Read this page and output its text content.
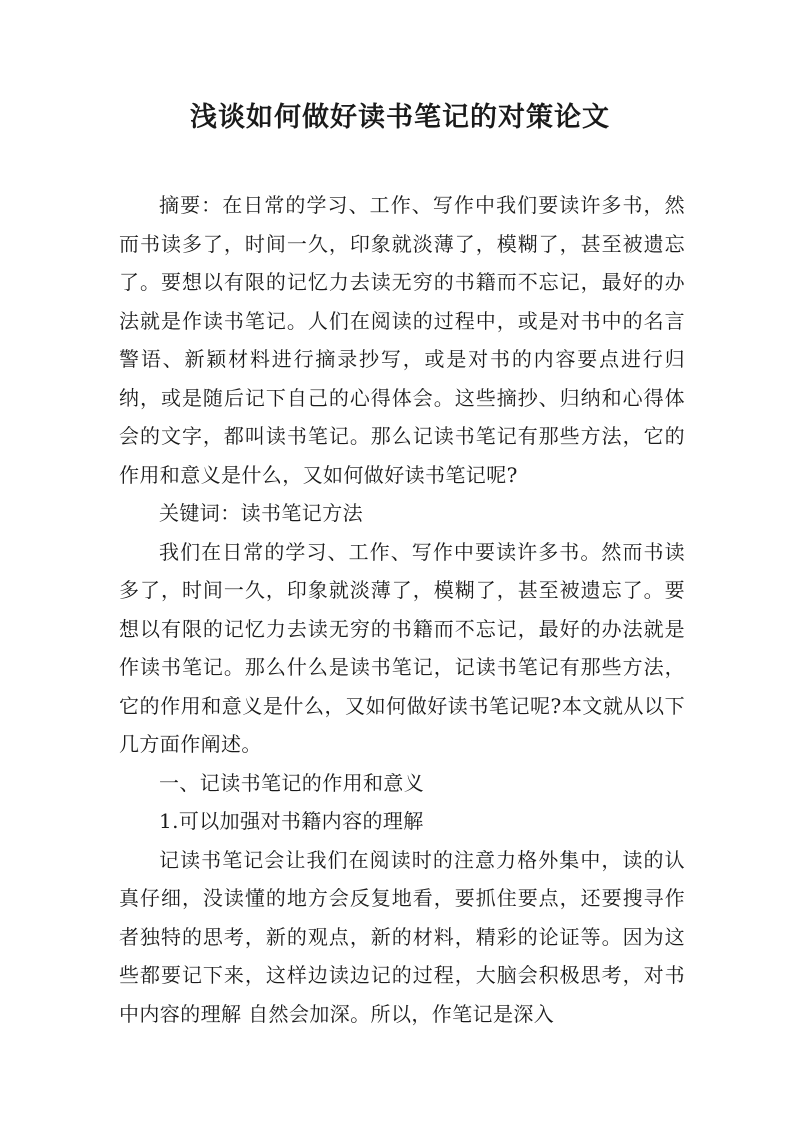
浅谈如何做好读书笔记的对策论文

摘要：在日常的学习、工作、写作中我们要读许多书，然而书读多了，时间一久，印象就淡薄了，模糊了，甚至被遗忘了。要想以有限的记忆力去读无穷的书籍而不忘记，最好的办法就是作读书笔记。人们在阅读的过程中，或是对书中的名言警语、新颖材料进行摘录抄写，或是对书的内容要点进行归纳，或是随后记下自己的心得体会。这些摘抄、归纳和心得体会的文字，都叫读书笔记。那么记读书笔记有那些方法，它的作用和意义是什么，又如何做好读书笔记呢?

关键词：读书笔记方法

我们在日常的学习、工作、写作中要读许多书。然而书读多了，时间一久，印象就淡薄了，模糊了，甚至被遗忘了。要想以有限的记忆力去读无穷的书籍而不忘记，最好的办法就是作读书笔记。那么什么是读书笔记，记读书笔记有那些方法，它的作用和意义是什么，又如何做好读书笔记呢?本文就从以下几方面作阐述。

一、记读书笔记的作用和意义

1.可以加强对书籍内容的理解

记读书笔记会让我们在阅读时的注意力格外集中，读的认真仔细，没读懂的地方会反复地看，要抓住要点，还要搜寻作者独特的思考，新的观点，新的材料，精彩的论证等。因为这些都要记下来，这样边读边记的过程，大脑会积极思考，对书中内容的理解 自然会加深。所以，作笔记是深入
